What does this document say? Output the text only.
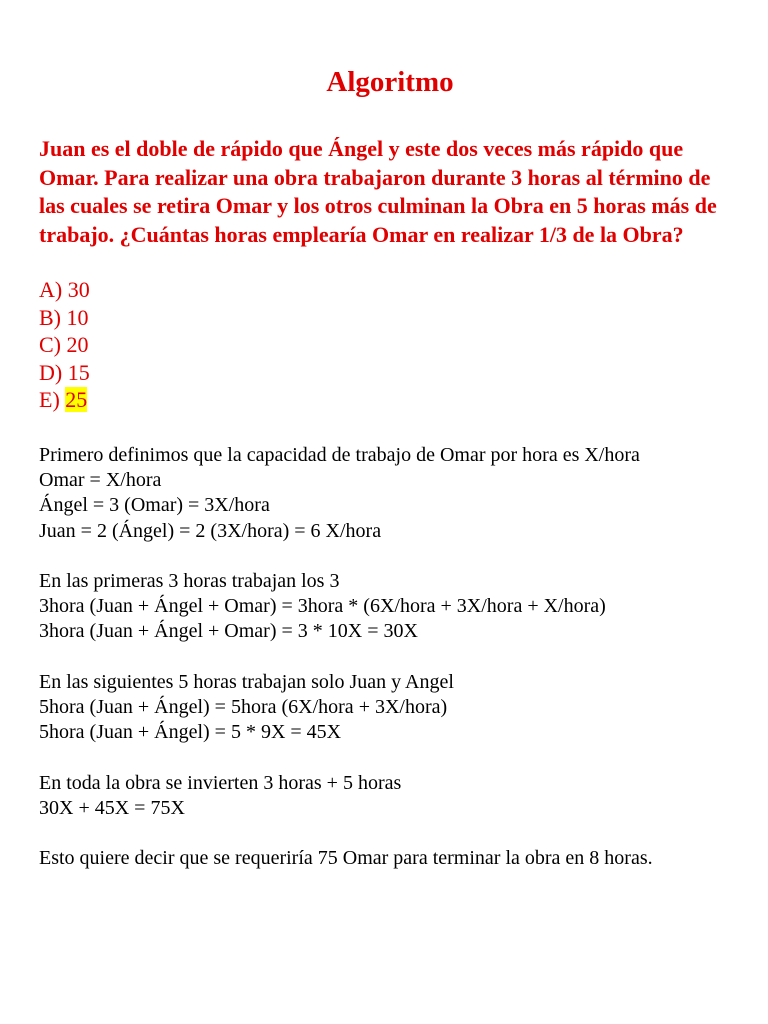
Algoritmo
Juan es el doble de rápido que Ángel y este dos veces más rápido que Omar. Para realizar una obra trabajaron durante 3 horas al término de las cuales se retira Omar y los otros culminan la Obra en 5 horas más de trabajo. ¿Cuántas horas emplearía Omar en realizar 1/3 de la Obra?
A) 30
B) 10
C) 20
D) 15
E) 25
Primero definimos que la capacidad de trabajo de Omar por hora es X/hora
Omar = X/hora
Ángel = 3 (Omar) = 3X/hora
Juan = 2 (Ángel) = 2 (3X/hora) = 6 X/hora
En las primeras 3 horas trabajan los 3
3hora (Juan + Ángel + Omar) = 3hora * (6X/hora + 3X/hora + X/hora)
3hora (Juan + Ángel + Omar) = 3 * 10X = 30X
En las siguientes 5 horas trabajan solo Juan y Angel
5hora (Juan + Ángel) = 5hora (6X/hora + 3X/hora)
5hora (Juan + Ángel) = 5 * 9X = 45X
En toda la obra se invierten 3 horas + 5 horas
30X + 45X = 75X
Esto quiere decir que se requeriría 75 Omar para terminar la obra en 8 horas.
